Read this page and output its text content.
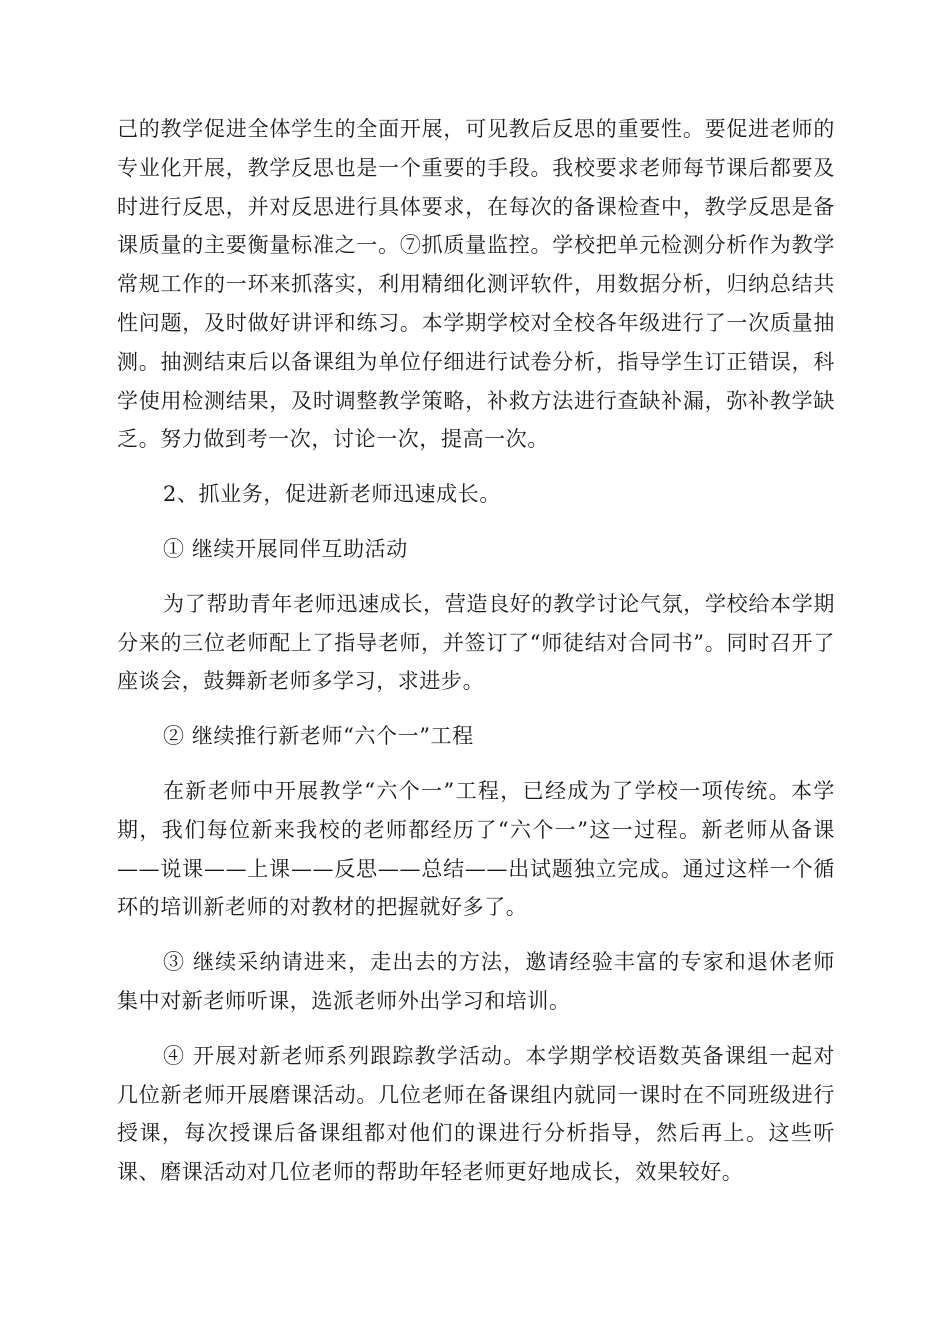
己的教学促进全体学生的全面开展，可见教后反思的重要性。要促进老师的专业化开展，教学反思也是一个重要的手段。我校要求老师每节课后都要及时进行反思，并对反思进行具体要求，在每次的备课检查中，教学反思是备课质量的主要衡量标准之一。⑦抓质量监控。学校把单元检测分析作为教学常规工作的一环来抓落实，利用精细化测评软件，用数据分析，归纳总结共性问题，及时做好讲评和练习。本学期学校对全校各年级进行了一次质量抽测。抽测结束后以备课组为单位仔细进行试卷分析，指导学生订正错误，科学使用检测结果，及时调整教学策略，补救方法进行查缺补漏，弥补教学缺乏。努力做到考一次，讨论一次，提高一次。

2、抓业务，促进新老师迅速成长。

① 继续开展同伴互助活动

为了帮助青年老师迅速成长，营造良好的教学讨论气氛，学校给本学期分来的三位老师配上了指导老师，并签订了“师徒结对合同书”。同时召开了座谈会，鼓舞新老师多学习，求进步。

② 继续推行新老师“六个一”工程

在新老师中开展教学“六个一”工程，已经成为了学校一项传统。本学期，我们每位新来我校的老师都经历了“六个一”这一过程。新老师从备课——说课——上课——反思——总结——出试题独立完成。通过这样一个循环的培训新老师的对教材的把握就好多了。

③ 继续采纳请进来，走出去的方法，邀请经验丰富的专家和退休老师集中对新老师听课，选派老师外出学习和培训。

④ 开展对新老师系列跟踪教学活动。本学期学校语数英备课组一起对几位新老师开展磨课活动。几位老师在备课组内就同一课时在不同班级进行授课，每次授课后备课组都对他们的课进行分析指导，然后再上。这些听课、磨课活动对几位老师的帮助年轻老师更好地成长，效果较好。
